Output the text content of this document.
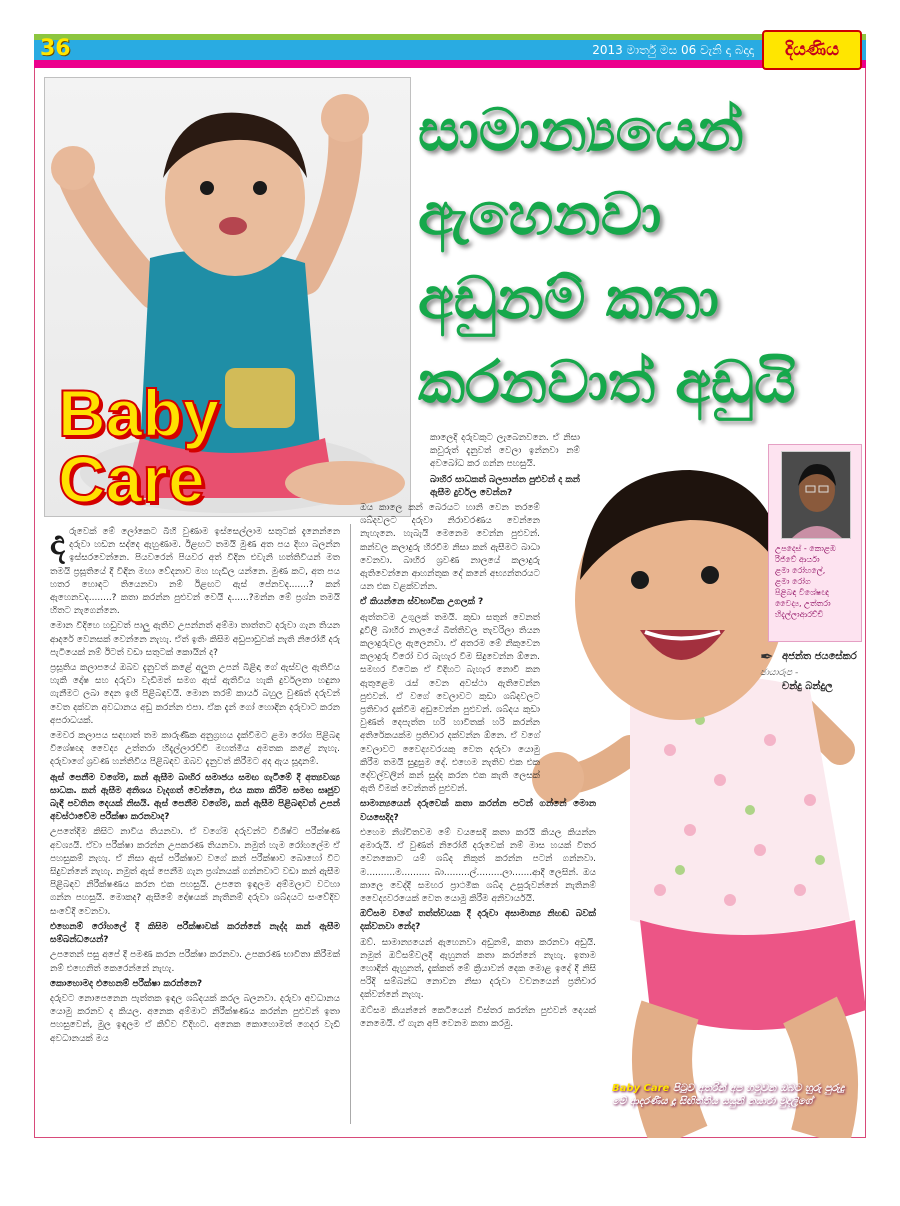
36	2013 මාර්තු මස 06 වැනි දා බදාදා	දියණිය
Baby
Care
සාමාන්‍යයෙන්
ඇහෙනවා
අඩුනම් කතා
කරනවාත් අඩුයි

දරුවෙක් මේ ලෝකෙට බිහි වුණාම ඉස්සෙල්ලාම සතුටක් දැනෙන්නෙ දරුවා හඩන සද්දෙ ඇහුණාම. ඊළඟට තමයි මුණ අත පය දිහා බලන්න ඉස්සරවෙන්නෙ. පියවරෙන් පියවර අත් විදින එවැනි හත්තිවියන් මත තමයි ප්‍රසූතියේ දී විඳින මහා වේදනාව මහ හැඩිල යන්නෙ. මුණ කට, අත පය හතර හොඳට තියෙනවා නම් ඊළඟට ඇස් පේනවද.......? කන් ඇහෙනවද........? කතා කරන්න පුළුවන් වෙයි ද......?මන්න මේ ප්‍රශ්න තමයි හිතට නැගෙන්නෙ.

මොන විදිහෙ හඩුවත් පාලු ඇතිව උපන්නත් අම්මා තාත්තට දරුවා ගැන තියන ආදරේ වෙනසක් වෙන්නෙ නැහැ. ඒත් ඉතිං කිසිම අඩුපාඩුවක් නැති නිරෝගී දරු පැටියෙක් නම් ඊටත් වඩා සතුටක් කොයින් ද?

ප්‍රසූතිය කලාපයේ ඔබව දැනුවත් කළේ අලුත උපන් බිළිඳා ගේ ඇස්වල ඇතිවිය හැකි දෝෂ සහ දරුවා වැඩිමත් සමග ඇස් ඇතිවිය හැකි දුර්වලතා හඳුනා ගැනීමට ලබා දෙන ඉඟි පිළිබඳවයි. මොන තරම් කාර්ය බහුල වුණත් දරුවන් වෙත දක්වන අවධානය අඩු කරන්න එපා. ඒක දැන් ගෝ හොඳින දරුවාට කරන අපරාධයක්.

මෙවර කලාපය සඳහාත් තම කාරුණික අනුග්‍රහය දැක්වීමට ළමා රෝග පිළිබඳ විශේෂඥ වෛද්‍ය උත්තරා හිදැල්ලාරච්චි මහත්මිය අමතක කළේ නැහැ. දරුවාගේ ශ්‍රවණ හන්තිවිය පිළිබඳව ඔබව දැනුවත් කිරීමට අද ඇය සූදානම්.

ඇස් පෙනීම වගේම, කන් ඇසීම බාහිර සමාජය සමඟ ගැටීමේ දී අත්‍යවශ්‍ය සාධක. කන් ඇසීම අනිශය වැදගත් වෙන්නෙ, එය කතා කිරීම සමඟ සෘජුව බැඳී පවතින දෙයක් නිසයි. ඇස් පෙනීම වගේම, කන් ඇසීම පිළිබඳවත් උපන් අවස්ථාවේම පරීක්ෂා කරනවාද?

උපතේදීම කිසිට නාවිය තියනවා. ඒ වගේම දරුවන්ට විශිෂ්ට පරීක්ෂණ අවශ්‍යයි. ඒවා පරීක්ෂා කරන්න උපකරණ තියනවා. නමුත් හැම රෝහලේම ඒ පහසුකම් නැහැ. ඒ නිසා ඇස් පරීක්ෂාව වගේ කන් පරීක්ෂාව බොහෝ විට සිදුවන්නේ නැහැ. නමුත් ඇස් පෙනීම ගැන ප්‍රශ්නයක් ගන්නවාට වඩා කන් ඇසීම පිළිබඳව නිරීක්ෂණය කරන එක පහසුයි. උපතෙ ඉඳලම අම්මලාට වටහා ගන්න පහසුයි. මොකද? ඇසීමේ දෝෂයක් නැතිනම් දරුවා ශබ්දයට සංවේදිව සංවේදී වෙනවා.

එහෙනම් රෝහලේ දී කිසිම පරීක්ෂාවක් කරන්නේ නැද්ද කන් ඇසීම සම්බන්ධයෙන්?

උපතෙන් පසු අපේ දී පමණ කරන පරීක්ෂා කරනවා. උපකරණ භාවිතා කිරීමක් නම් එහෙනිත් කෙරෙන්නේ නැහැ.

කොහොමද එහෙනම් පරීක්ෂා කරන්නෙ?

දරුවට නොපෙනෙන පැත්තක ඉඳල ශබ්දයක් කරල බලනවා. දරුවා අවධානය යොමු කරනව ද කියල. අනෙක අම්මාට නිරීක්ෂණය කරන්න පුළුවන් ඉතා පහසුවෙන්, මුල ඉඳලම ඒ කිව්ව විදිහට. අනෙක කොහොමත් ගෙදර වැඩි අවධානයක් මය

කාලෙදි දරුවකුට ලැබෙනවනෙ. ඒ නිසා කවුරුත් දැනුවත් වෙලා ඉන්නවා නම් අවබෝධ කර ගන්න පහසුයි.

බාහිර සාධකත් බලපාන්න පුළුවන් ද කන් ඇසීම දුර්වල වෙන්න?

ඔය කාලෙ කන් බෙරයට හානි වෙන තරමේ ශබ්දවලට දරුවා නිරාවරණය වෙන්නෙ නැහැනෙ. හැබැයි මෙනෙම වෙන්න පුළුවන්. කන්වල කලාදුරු හිරවීම නිසා කන් ඇසීමට බාධා වෙනවා. බාහිර ශ්‍රවණ නාලයේ කලාදුරු ඇතිවෙන්නෙ ආහන්තුක දේ කනේ අභ්‍යන්තරයට යන එක වළක්වන්න.

ඒ කියන්නෙ ස්වභාවික උගලක් ?

ඇත්තටම උගුලක් තමයි. කුඩා සතුන් වෙනත් දූවිලි බාහිර නාලයේ බිත්තිවල තැවරිලා තියන කලාදුරුවල ඇලෙනවා. ඒ අතරම මේ නිකුවෙන කලාදුරු විරෝ වර බැහැර වීම සිදුවෙන්න ඕනෙ. සමහර විටෙක ඒ විදිහට බැහැර නොවී කන ඇතුළෙම රැස් වෙන අවස්ථා ඇතිවෙන්න පුළුවන්. ඒ වගේ වෙලාවට කුඩා ශබ්දවලට ප්‍රතිචාර දැක්වීම අඩුවෙන්න පුළුවන්. ශබ්දය කුඩා වුණත් දෙපැත්ත හරි හාවිතක් හරි කරන්න අතිරේකයක්ම ප්‍රතිචාර දක්වන්න ඕනෙ. ඒ වගේ වෙලාවට වෛද්‍යවරයකු වෙත දරුවා යොමු කිරීම තමයි සුදුසුම දේ. එහෙම නැතිව එක එක දේවල්වලින් කන් සුද්ද කරන එක කැති ලෙසක් ඇති විමක් වෙන්නත් පුළුවන්.

සාමාන්‍යයෙන් දරුවෙක් කතා කරන්න පටන් ගන්නේ මොන වයසෙදිද?

එහෙම නිශ්චිතවම මේ වයසෙදි කතා කරයි කියල කියන්න අමාරුයි. ඒ වුණත් නිරෝගී දරුවෙක් නම් මාස හයක් විතර වෙනකොට යම් ශබ්ද නිකුත් කරන්න පටන් ගන්නවා. ම..........ම.......... බා.........ල්.........ලා.......ආදී ලෙසින්. ඔය කාලෙ වෙද්දී සමහර ප්‍රාථමික ශබ්ද උසුරුවන්නේ නැතිනම් වෛද්‍යවරයෙක් වෙත යොමු කිරීම අනිවාර්යයි.

ඔට්සම වගේ තත්ත්වයක දී දරුවා අසාමාන්‍ය නිහඬ බවක් දක්වනවා නේද?

ඔව්. සාමාන්‍යයෙන් ඇහෙනවා අඩුනම්, කතා කරනවා අඩුයි. නමුත් ඔට්සම්වලදී ඇහුනත් කතා කරන්නේ නැහැ. ඉතාම හොඳින් ඇහුනත්, දැක්කත් මේ ක්‍රියාවන් දෙක මොළ ඉදේ දී නිසි පරිදි සම්බන්ධ නොවන නිසා දරුවා වචනයෙන් ප්‍රතිචාර දක්වන්නේ නැහැ.

ඔට්සම කියන්නේ කෙටියෙන් විස්තර කරන්න පුළුවන් දෙයක් නෙමෙයි. ඒ ගැන අපි වෙනම කතා කරමු.

උපදෙස් - කොළඹ
රිජ්වේ ආර්යා
ළමා රෝහලේ,
ළමා රෝග
පිළිබඳ විශේෂඥ
වෛද්‍ය, උත්තරා
හිදැල්ලාආරච්චි
✒ අජන්ත ජයසේකර
ඡායාරූප -
චන්දු බන්දුල
Baby Care පිටුව අතරින් අප හමුවන ඔබට හුරු පුරුදු මේ ආදරණීය දූ සිඟිත්තිය සයුනි නයාරා මුදලිගේ
